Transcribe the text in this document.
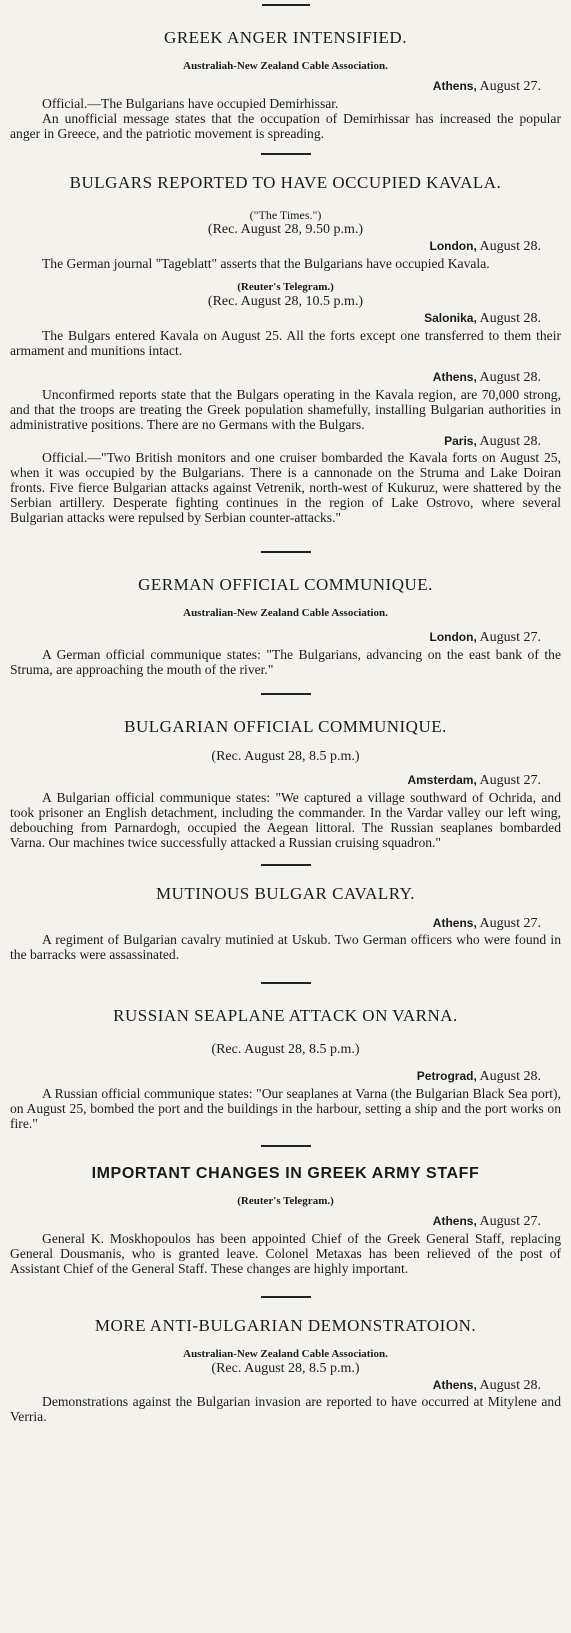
GREEK ANGER INTENSIFIED.
Australiah-New Zealand Cable Association.
Athens, August 27.

Official.—The Bulgarians have occupied Demirhissar.

An unofficial message states that the occupation of Demirhissar has increased the popular anger in Greece, and the patriotic movement is spreading.

BULGARS REPORTED TO HAVE OCCUPIED KAVALA.
("The Times.")
(Rec. August 28, 9.50 p.m.)
London, August 28.

The German journal "Tageblatt" asserts that the Bulgarians have occupied Kavala.

(Reuter's Telegram.)
(Rec. August 28, 10.5 p.m.)
Salonika, August 28.

The Bulgars entered Kavala on August 25. All the forts except one transferred to them their armament and munitions intact.

Athens, August 28.

Unconfirmed reports state that the Bulgars operating in the Kavala region, are 70,000 strong, and that the troops are treating the Greek population shamefully, installing Bulgarian authorities in administrative positions. There are no Germans with the Bulgars.

Paris, August 28.

Official.—"Two British monitors and one cruiser bombarded the Kavala forts on August 25, when it was occupied by the Bulgarians. There is a cannonade on the Struma and Lake Doiran fronts. Five fierce Bulgarian attacks against Vetrenik, north-west of Kukuruz, were shattered by the Serbian artillery. Desperate fighting continues in the region of Lake Ostrovo, where several Bulgarian attacks were repulsed by Serbian counter-attacks."

GERMAN OFFICIAL COMMUNIQUE.
Australian-New Zealand Cable Association.
London, August 27.

A German official communique states: "The Bulgarians, advancing on the east bank of the Struma, are approaching the mouth of the river."

BULGARIAN OFFICIAL COMMUNIQUE.
(Rec. August 28, 8.5 p.m.)
Amsterdam, August 27.

A Bulgarian official communique states: "We captured a village southward of Ochrida, and took prisoner an English detachment, including the commander. In the Vardar valley our left wing, debouching from Parnardogh, occupied the Aegean littoral. The Russian seaplanes bombarded Varna. Our machines twice successfully attacked a Russian cruising squadron."

MUTINOUS BULGAR CAVALRY.
Athens, August 27.

A regiment of Bulgarian cavalry mutinied at Uskub. Two German officers who were found in the barracks were assassinated.

RUSSIAN SEAPLANE ATTACK ON VARNA.
(Rec. August 28, 8.5 p.m.)
Petrograd, August 28.

A Russian official communique states: "Our seaplanes at Varna (the Bulgarian Black Sea port), on August 25, bombed the port and the buildings in the harbour, setting a ship and the port works on fire."

IMPORTANT CHANGES IN GREEK ARMY STAFF
(Reuter's Telegram.)
Athens, August 27.

General K. Moskhopoulos has been appointed Chief of the Greek General Staff, replacing General Dousmanis, who is granted leave. Colonel Metaxas has been relieved of the post of Assistant Chief of the General Staff. These changes are highly important.

MORE ANTI-BULGARIAN DEMONSTRATOION.
Australian-New Zealand Cable Association.
(Rec. August 28, 8.5 p.m.)
Athens, August 28.

Demonstrations against the Bulgarian invasion are reported to have occurred at Mitylene and Verria.
